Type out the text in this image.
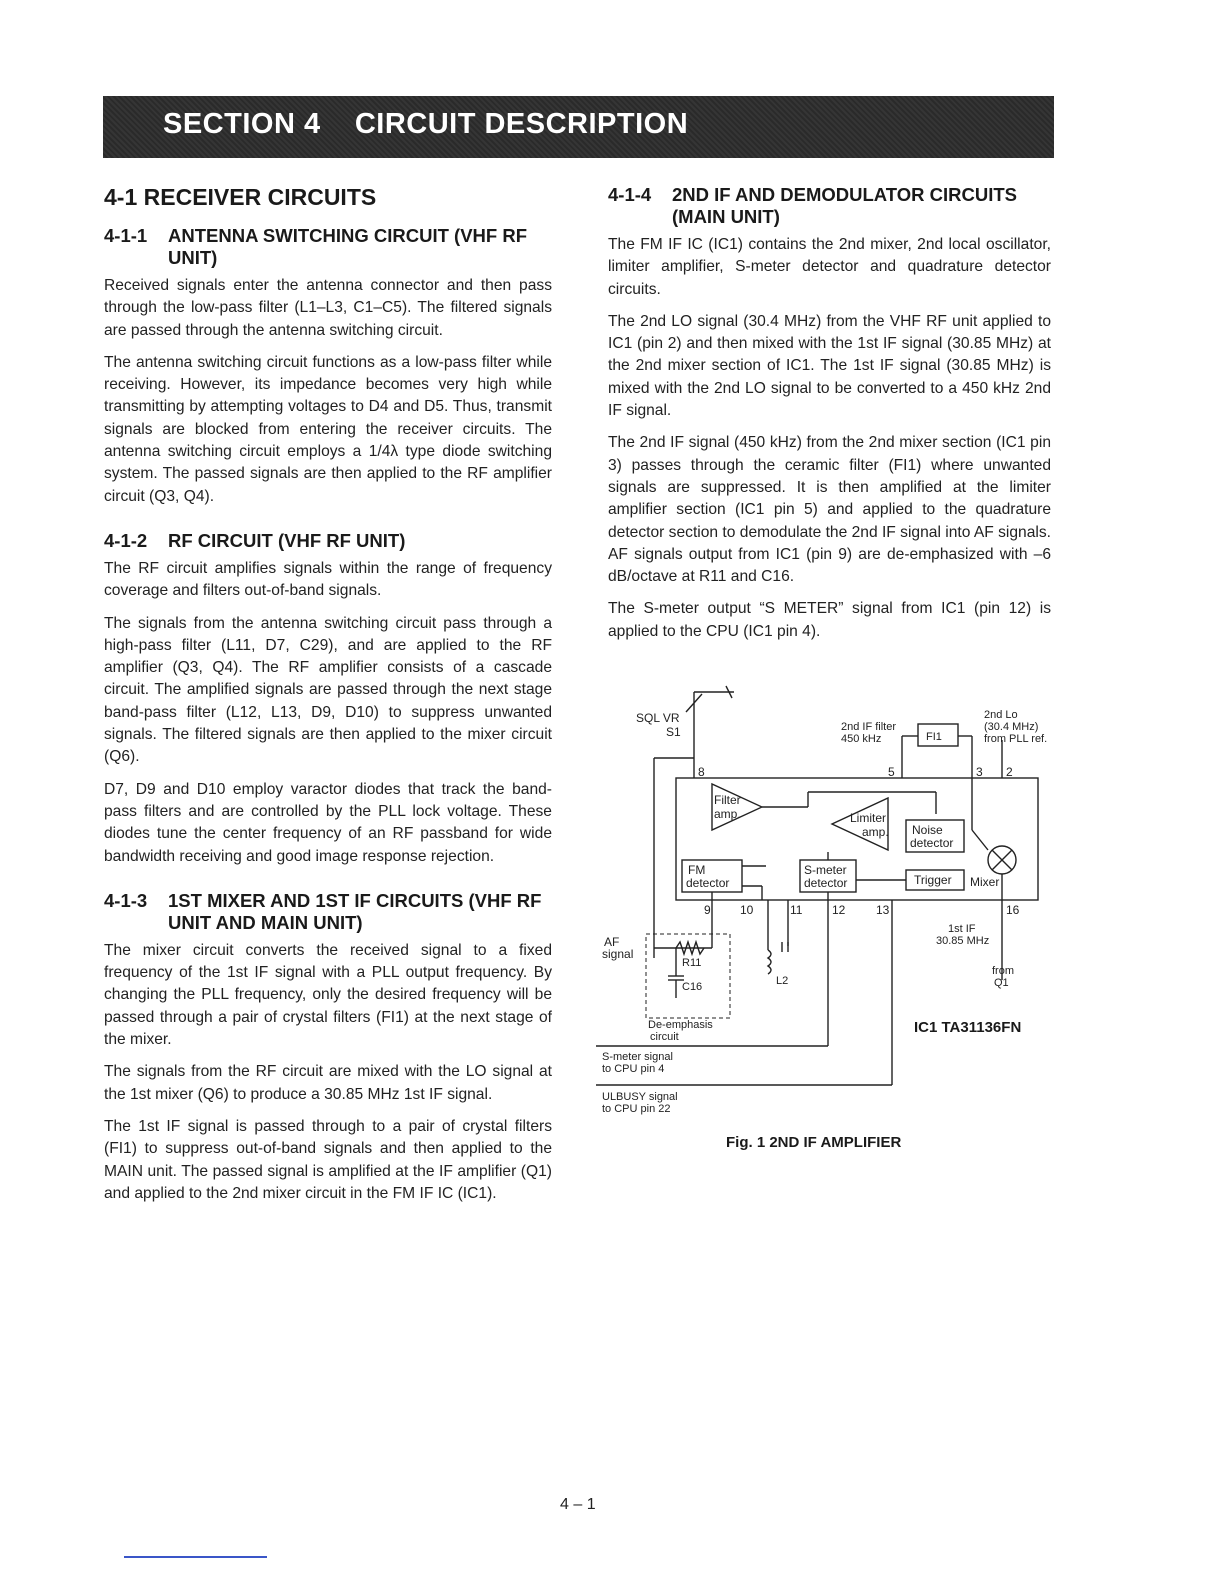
SECTION 4    CIRCUIT DESCRIPTION
4-1 RECEIVER CIRCUITS
4-1-1	ANTENNA SWITCHING CIRCUIT (VHF RF UNIT)

Received signals enter the antenna connector and then pass through the low-pass filter (L1–L3, C1–C5). The filtered signals are passed through the antenna switching circuit.

The antenna switching circuit functions as a low-pass filter while receiving. However, its impedance becomes very high while transmitting by attempting voltages to D4 and D5. Thus, transmit signals are blocked from entering the receiver circuits. The antenna switching circuit employs a 1/4λ type diode switching system. The passed signals are then applied to the RF amplifier circuit (Q3, Q4).

4-1-2	RF CIRCUIT (VHF RF UNIT)

The RF circuit amplifies signals within the range of frequency coverage and filters out-of-band signals.

The signals from the antenna switching circuit pass through a high-pass filter (L11, D7, C29), and are applied to the RF amplifier (Q3, Q4). The RF amplifier consists of a cascade circuit. The amplified signals are passed through the next stage band-pass filter (L12, L13, D9, D10) to suppress unwanted signals. The filtered signals are then applied to the mixer circuit (Q6).

D7, D9 and D10 employ varactor diodes that track the band-pass filters and are controlled by the PLL lock voltage. These diodes tune the center frequency of an RF passband for wide bandwidth receiving and good image response rejection.

4-1-3	1ST MIXER AND 1ST IF CIRCUITS (VHF RF UNIT AND MAIN UNIT)

The mixer circuit converts the received signal to a fixed frequency of the 1st IF signal with a PLL output frequency. By changing the PLL frequency, only the desired frequency will be passed through a pair of crystal filters (FI1) at the next stage of the mixer.

The signals from the RF circuit are mixed with the LO signal at the 1st mixer (Q6) to produce a 30.85 MHz 1st IF signal.

The 1st IF signal is passed through to a pair of crystal filters (FI1) to suppress out-of-band signals and then applied to the MAIN unit. The passed signal is amplified at the IF amplifier (Q1) and applied to the 2nd mixer circuit in the FM IF IC (IC1).

4-1-4	2ND IF AND DEMODULATOR CIRCUITS (MAIN UNIT)

The FM IF IC (IC1) contains the 2nd mixer, 2nd local oscillator, limiter amplifier, S-meter detector and quadrature detector circuits.

The 2nd LO signal (30.4 MHz) from the VHF RF unit applied to IC1 (pin 2) and then mixed with the 1st IF signal (30.85 MHz) at the 2nd mixer section of IC1. The 1st IF signal (30.85 MHz) is mixed with the 2nd LO signal to be converted to a 450 kHz 2nd IF signal.

The 2nd IF signal (450 kHz) from the 2nd mixer section (IC1 pin 3) passes through the ceramic filter (FI1) where unwanted signals are suppressed. It is then amplified at the limiter amplifier section (IC1 pin 5) and applied to the quadrature detector section to demodulate the 2nd IF signal into AF signals. AF signals output from IC1 (pin 9) are de-emphasized with –6 dB/octave at R11 and C16.

The S-meter output “S METER” signal from IC1 (pin 12) is applied to the CPU (IC1 pin 4).

SQL VR
S1	2nd IF filter
450 kHz	FI1
2nd Lo
(30.4 MHz)
from PLL ref.
8	5	3 2
Filter
amp.	Limiter
amp. Noise
detector
FM
detector
S-meter
detector	Trigger Mixer
9 10	11 12	13	16
1st IF
30.85 MHz
AF
signal
R11
C16	L2
from
Q1
De-emphasis
circuit
IC1 TA31136FN
S-meter signal
to CPU pin 4
ULBUSY signal
to CPU pin 22
Fig. 1 2ND IF AMPLIFIER
4 – 1
